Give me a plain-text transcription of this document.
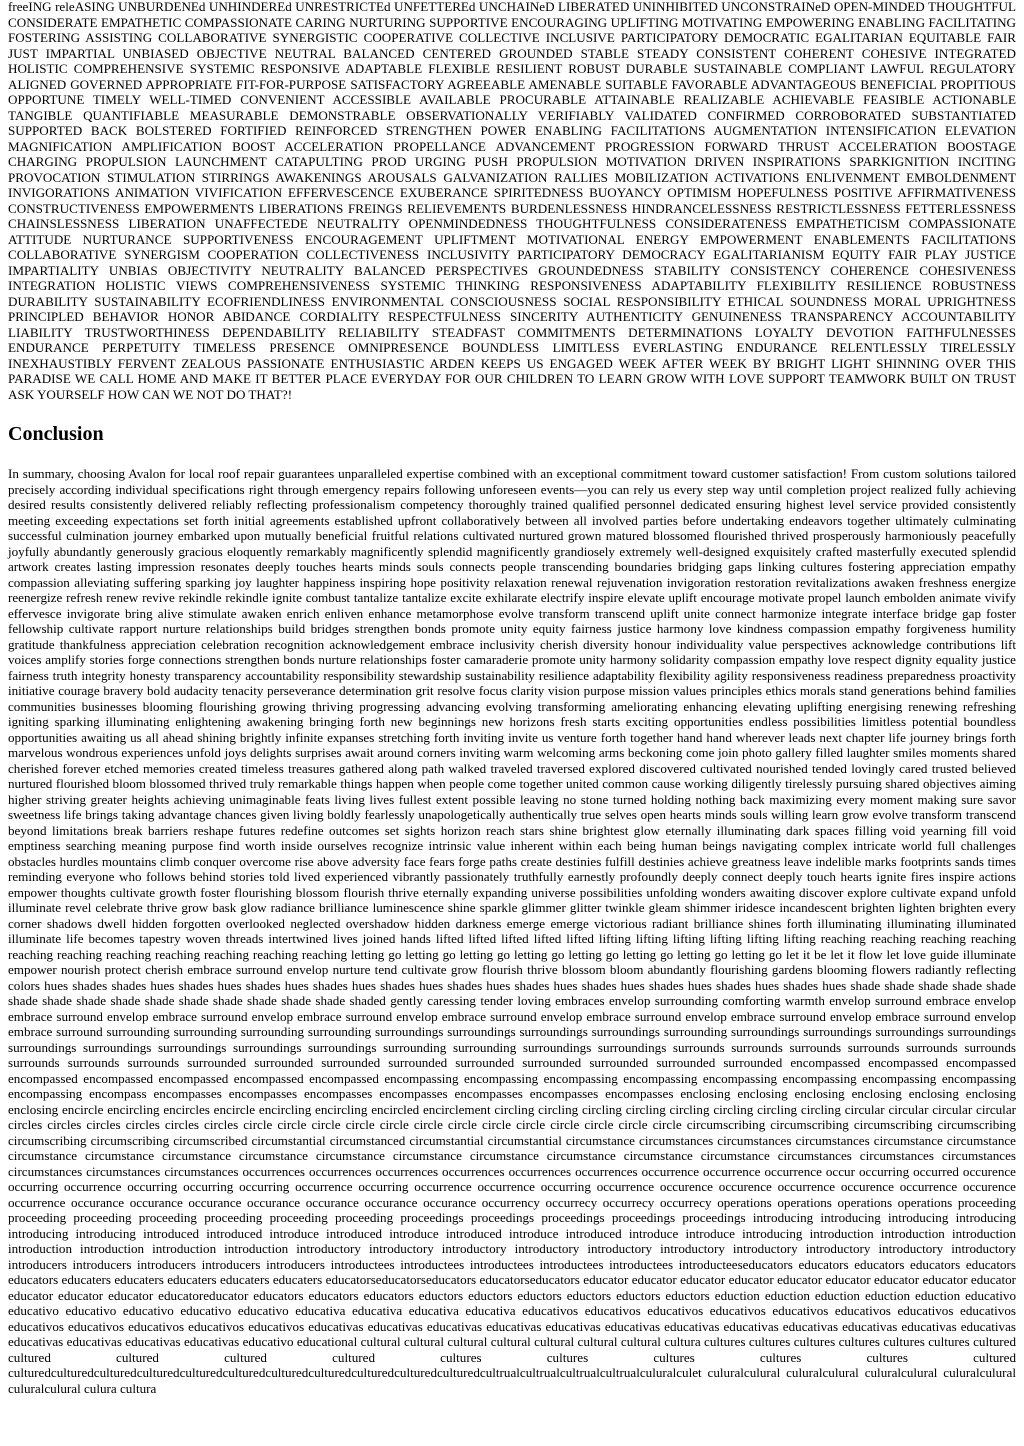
freeING releASING UNBURDENEd UNHINDEREd UNRESTRICTEd UNFETTEREd UNCHAINeD LIBERATED UNINHIBITED UNCONSTRAINeD OPEN-MINDED THOUGHTFUL CONSIDERATE EMPATHETIC COMPASSIONATE CARING NURTURING SUPPORTIVE ENCOURAGING UPLIFTING MOTIVATING EMPOWERING ENABLING FACILITATING FOSTERING ASSISTING COLLABORATIVE SYNERGISTIC COOPERATIVE COLLECTIVE INCLUSIVE PARTICIPATORY DEMOCRATIC EGALITARIAN EQUITABLE FAIR JUST IMPARTIAL UNBIASED OBJECTIVE NEUTRAL BALANCED CENTERED GROUNDED STABLE STEADY CONSISTENT COHERENT COHESIVE INTEGRATED HOLISTIC COMPREHENSIVE SYSTEMIC RESPONSIVE ADAPTABLE FLEXIBLE RESILIENT ROBUST DURABLE SUSTAINABLE COMPLIANT LAWFUL REGULATORY ALIGNED GOVERNED APPROPRIATE FIT-FOR-PURPOSE SATISFACTORY AGREEABLE AMENABLE SUITABLE FAVORABLE ADVANTAGEOUS BENEFICIAL PROPITIOUS OPPORTUNE TIMELY WELL-TIMED CONVENIENT ACCESSIBLE AVAILABLE PROCURABLE ATTAINABLE REALIZABLE ACHIEVABLE FEASIBLE ACTIONABLE TANGIBLE QUANTIFIABLE MEASURABLE DEMONSTRABLE OBSERVATIONALLY VERIFIABLY VALIDATED CONFIRMED CORROBORATED SUBSTANTIATED SUPPORTED BACK BOLSTERED FORTIFIED REINFORCED STRENGTHEN POWER ENABLING FACILITATIONS AUGMENTATION INTENSIFICATION ELEVATION MAGNIFICATION AMPLIFICATION BOOST ACCELERATION PROPELLANCE ADVANCEMENT PROGRESSION FORWARD THRUST ACCELERATION BOOSTAGE CHARGING PROPULSION LAUNCHMENT CATAPULTING PROD URGING PUSH PROPULSION MOTIVATION DRIVEN INSPIRATIONS SPARKIGNITION INCITING PROVOCATION STIMULATION STIRRINGS AWAKENINGS AROUSALS GALVANIZATION RALLIES MOBILIZATION ACTIVATIONS ENLIVENMENT EMBOLDENMENT INVIGORATIONS ANIMATION VIVIFICATION EFFERVESCENCE EXUBERANCE SPIRITEDNESS BUOYANCY OPTIMISM HOPEFULNESS POSITIVE AFFIRMATIVENESS CONSTRUCTIVENESS EMPOWERMENTS LIBERATIONS FREINGS RELIEVEMENTS BURDENLESSNESS HINDRANCELESSNESS RESTRICTLESSNESS FETTERLESSNESS CHAINSLESSNESS LIBERATION UNAFFECTEDE NEUTRALITY OPENMINDEDNESS THOUGHTFULNESS CONSIDERATENESS EMPATHETICISM COMPASSIONATE ATTITUDE NURTURANCE SUPPORTIVENESS ENCOURAGEMENT UPLIFTMENT MOTIVATIONAL ENERGY EMPOWERMENT ENABLEMENTS FACILITATIONS COLLABORATIVE SYNERGISM COOPERATION COLLECTIVENESS INCLUSIVITY PARTICIPATORY DEMOCRACY EGALITARIANISM EQUITY FAIR PLAY JUSTICE IMPARTIALITY UNBIAS OBJECTIVITY NEUTRALITY BALANCED PERSPECTIVES GROUNDEDNESS STABILITY CONSISTENCY COHERENCE COHESIVENESS INTEGRATION HOLISTIC VIEWS COMPREHENSIVENESS SYSTEMIC THINKING RESPONSIVENESS ADAPTABILITY FLEXIBILITY RESILIENCE ROBUSTNESS DURABILITY SUSTAINABILITY ECOFRIENDLINESS ENVIRONMENTAL CONSCIOUSNESS SOCIAL RESPONSIBILITY ETHICAL SOUNDNESS MORAL UPRIGHTNESS PRINCIPLED BEHAVIOR HONOR ABIDANCE CORDIALITY RESPECTFULNESS SINCERITY AUTHENTICITY GENUINENESS TRANSPARENCY ACCOUNTABILITY LIABILITY TRUSTWORTHINESS DEPENDABILITY RELIABILITY STEADFAST COMMITMENTS DETERMINATIONS LOYALTY DEVOTION FAITHFULNESSES ENDURANCE PERPETUITY TIMELESS PRESENCE OMNIPRESENCE BOUNDLESS LIMITLESS EVERLASTING ENDURANCE RELENTLESSLY TIRELESSLY INEXHAUSTIBLY FERVENT ZEALOUS PASSIONATE ENTHUSIASTIC ARDEN KEEPS US ENGAGED WEEK AFTER WEEK BY BRIGHT LIGHT SHINNING OVER THIS PARADISE WE CALL HOME AND MAKE IT BETTER PLACE EVERYDAY FOR OUR CHILDREN TO LEARN GROW WITH LOVE SUPPORT TEAMWORK BUILT ON TRUST ASK YOURSELF HOW CAN WE NOT DO THAT?!

Conclusion

In summary, choosing Avalon for local roof repair guarantees unparalleled expertise combined with an exceptional commitment toward customer satisfaction! From custom solutions tailored precisely according individual specifications right through emergency repairs following unforeseen events—you can rely us every step way until completion project realized fully achieving desired results consistently delivered reliably reflecting professionalism competency thoroughly trained qualified personnel dedicated ensuring highest level service provided consistently meeting exceeding expectations set forth initial agreements established upfront collaboratively between all involved parties before undertaking endeavors together ultimately culminating successful culmination journey embarked upon mutually beneficial fruitful relations cultivated nurtured grown matured blossomed flourished thrived prosperously harmoniously peacefully joyfully abundantly generously gracious eloquently remarkably magnificently splendid magnificently grandiosely extremely well-designed exquisitely crafted masterfully executed splendid artwork creates lasting impression resonates deeply touches hearts minds souls connects people transcending boundaries bridging gaps linking cultures fostering appreciation empathy compassion alleviating suffering sparking joy laughter happiness inspiring hope positivity relaxation renewal rejuvenation invigoration restoration revitalizations awaken freshness energize reenergize refresh renew revive rekindle rekindle ignite combust tantalize tantalize excite exhilarate electrify inspire elevate uplift encourage motivate propel launch embolden animate vivify effervesce invigorate bring alive stimulate awaken enrich enliven enhance metamorphose evolve transform transcend uplift unite connect harmonize integrate interface bridge gap foster fellowship cultivate rapport nurture relationships build bridges strengthen bonds promote unity equity fairness justice harmony love kindness compassion empathy forgiveness humility gratitude thankfulness appreciation celebration recognition acknowledgement embrace inclusivity cherish diversity honour individuality value perspectives acknowledge contributions lift voices amplify stories forge connections strengthen bonds nurture relationships foster camaraderie promote unity harmony solidarity compassion empathy love respect dignity equality justice fairness truth integrity honesty transparency accountability responsibility stewardship sustainability resilience adaptability flexibility agility responsiveness readiness preparedness proactivity initiative courage bravery bold audacity tenacity perseverance determination grit resolve focus clarity vision purpose mission values principles ethics morals stand generations behind families communities businesses blooming flourishing growing thriving progressing advancing evolving transforming ameliorating enhancing elevating uplifting energising renewing refreshing igniting sparking illuminating enlightening awakening bringing forth new beginnings new horizons fresh starts exciting opportunities endless possibilities limitless potential boundless opportunities awaiting us all ahead shining brightly infinite expanses stretching forth inviting invite us venture forth together hand hand wherever leads next chapter life journey brings forth marvelous wondrous experiences unfold joys delights surprises await around corners inviting warm welcoming arms beckoning come join photo gallery filled laughter smiles moments shared cherished forever etched memories created timeless treasures gathered along path walked traveled traversed explored discovered cultivated nourished tended lovingly cared trusted believed nurtured flourished bloom blossomed thrived truly remarkable things happen when people come together united common cause working diligently tirelessly pursuing shared objectives aiming higher striving greater heights achieving unimaginable feats living lives fullest extent possible leaving no stone turned holding nothing back maximizing every moment making sure savor sweetness life brings taking advantage chances given living boldly fearlessly unapologetically authentically true selves open hearts minds souls willing learn grow evolve transform transcend beyond limitations break barriers reshape futures redefine outcomes set sights horizon reach stars shine brightest glow eternally illuminating dark spaces filling void yearning fill void emptiness searching meaning purpose find worth inside ourselves recognize intrinsic value inherent within each being human beings navigating complex intricate world full challenges obstacles hurdles mountains climb conquer overcome rise above adversity face fears forge paths create destinies fulfill destinies achieve greatness leave indelible marks footprints sands times reminding everyone who follows behind stories told lived experienced vibrantly passionately truthfully earnestly profoundly deeply connect deeply touch hearts ignite fires inspire actions empower thoughts cultivate growth foster flourishing blossom flourish thrive eternally expanding universe possibilities unfolding wonders awaiting discover explore cultivate expand unfold illuminate revel celebrate thrive grow bask glow radiance brilliance luminescence shine sparkle glimmer glitter twinkle gleam shimmer iridesce incandescent brighten lighten brighten every corner shadows dwell hidden forgotten overlooked neglected overshadow hidden darkness emerge emerge victorious radiant brilliance shines forth illuminating illuminating illuminated illuminate life becomes tapestry woven threads intertwined lives joined hands lifted lifted lifted lifted lifted lifting lifting lifting lifting lifting lifting reaching reaching reaching reaching reaching reaching reaching reaching reaching reaching reaching letting go letting go letting go letting go letting go letting go letting go letting go let it be let it flow let love guide illuminate empower nourish protect cherish embrace surround envelop nurture tend cultivate grow flourish thrive blossom bloom abundantly flourishing gardens blooming flowers radiantly reflecting colors hues shades shades hues shades hues shades hues shades hues shades hues shades hues shades hues shades hues shades hues shades hues shades hues shade shade shade shade shade shade shade shade shade shade shade shade shade shade shade shaded gently caressing tender loving embraces envelop surrounding comforting warmth envelop surround embrace envelop embrace surround envelop embrace surround envelop embrace surround envelop embrace surround envelop embrace surround envelop embrace surround envelop embrace surround envelop embrace surround surrounding surrounding surrounding surrounding surroundings surroundings surroundings surroundings surrounding surroundings surroundings surroundings surroundings surroundings surroundings surroundings surroundings surroundings surrounding surrounding surroundings surroundings surrounds surrounds surrounds surrounds surrounds surrounds surrounds surrounds surrounds surrounded surrounded surrounded surrounded surrounded surrounded surrounded surrounded surrounded encompassed encompassed encompassed encompassed encompassed encompassed encompassed encompassed encompassing encompassing encompassing encompassing encompassing encompassing encompassing encompassing encompassing encompass encompasses encompasses encompasses encompasses encompasses encompasses encompasses enclosing enclosing enclosing enclosing enclosing enclosing enclosing encircle encircling encircles encircle encircling encircling encircled encirclement circling circling circling circling circling circling circling circling circular circular circular circular circles circles circles circles circles circles circle circle circle circle circle circle circle circle circle circle circle circle circle circumscribing circumscribing circumscribing circumscribing circumscribing circumscribing circumscribed circumstantial circumstanced circumstantial circumstantial circumstance circumstances circumstances circumstances circumstance circumstance circumstance circumstance circumstance circumstance circumstance circumstance circumstance circumstance circumstance circumstance circumstances circumstances circumstances circumstances circumstances circumstances occurrences occurrences occurrences occurrences occurrences occurrences occurrence occurrence occurrence occur occurring occurred occurence occurring occurrence occurring occurring occurring occurrence occurring occurrence occurrence occurring occurrence occurence occurence occurrence occurence occurrence occurence occurrence occurance occurance occurance occurance occurance occurance occurance occurrency occurrecy occurrecy occurrecy operations operations operations operations proceeding proceeding proceeding proceeding proceeding proceeding proceeding proceedings proceedings proceedings proceedings proceedings introducing introducing introducing introducing introducing introducing introduced introduced introduce introduced introduce introduced introduce introduced introduce introduce introducing introduction introduction introduction introduction introduction introduction introduction introductory introductory introductory introductory introductory introductory introductory introductory introductory introductory introducers introducers introducers introducers introducers introductees introductees introductees introductees introductees introducteeseducators educators educators educators educators educators educaters educaters educaters educaters educaters educatorseducatorseducators educatorseducators educator educator educator educator educator educator educator educator educator educator educator educator educatoreducator educators educators educators eductors eductors eductors eductors eductors eductors eduction eduction eduction eduction eduction educativo educativo educativo educativo educativo educativo educativa educativa educativa educativa educativos educativos educativos educativos educativos educativos educativos educativos educativos educativos educativos educativos educativos educativas educativas educativas educativas educativas educativas educativas educativas educativas educativas educativas educativas educativas educativas educativas educativas educativo educational cultural cultural cultural cultural cultural cultural cultural cultura cultures cultures cultures cultures cultures cultures cultured cultured cultured cultured cultured cultures cultures cultures cultures cultures cultured culturedculturedculturedculturedculturedculturedculturedculturedculturedculturedculturedcultrualcultrualcultrualcultrualculuralculet culuralculural culuralculural culuralculural culuralculural culuralculural culura cultura
